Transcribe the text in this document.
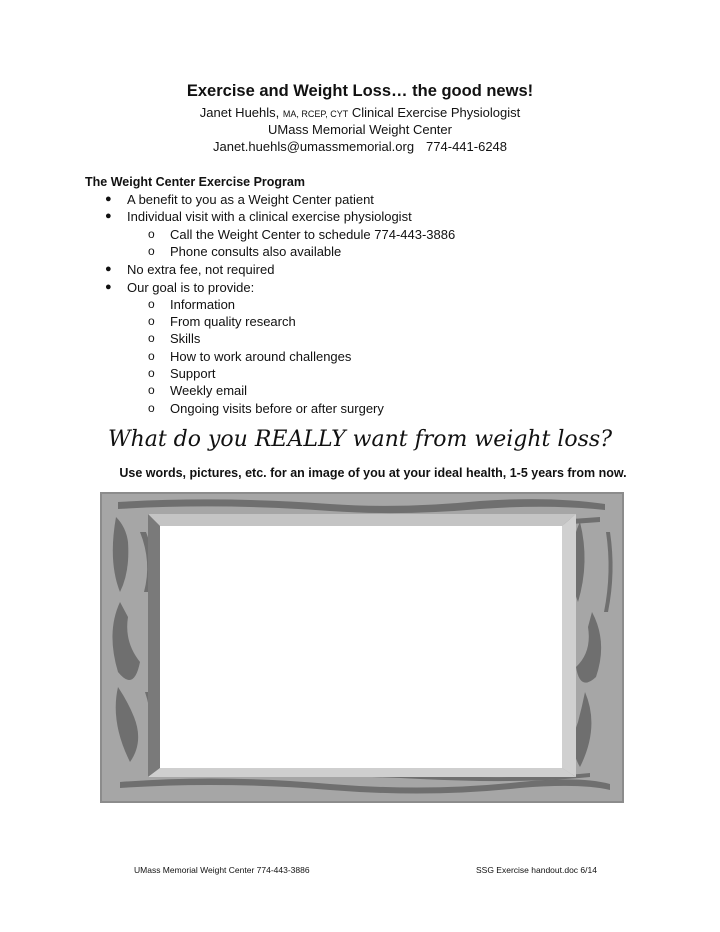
Exercise and Weight Loss… the good news!
Janet Huehls, MA, RCEP, CYT Clinical Exercise Physiologist
UMass Memorial Weight Center
Janet.huehls@umassmemorial.org 774-441-6248
The Weight Center Exercise Program
● A benefit to you as a Weight Center patient
● Individual visit with a clinical exercise physiologist
o Call the Weight Center to schedule 774-443-3886
o Phone consults also available
● No extra fee, not required
● Our goal is to provide:
o Information
o From quality research
o Skills
o How to work around challenges
o Support
o Weekly email
o Ongoing visits before or after surgery
What do you REALLY want from weight loss?
Use words, pictures, etc. for an image of you at your ideal health, 1-5 years from now.
UMass Memorial Weight Center 774-443-3886	SSG Exercise handout.doc 6/14
